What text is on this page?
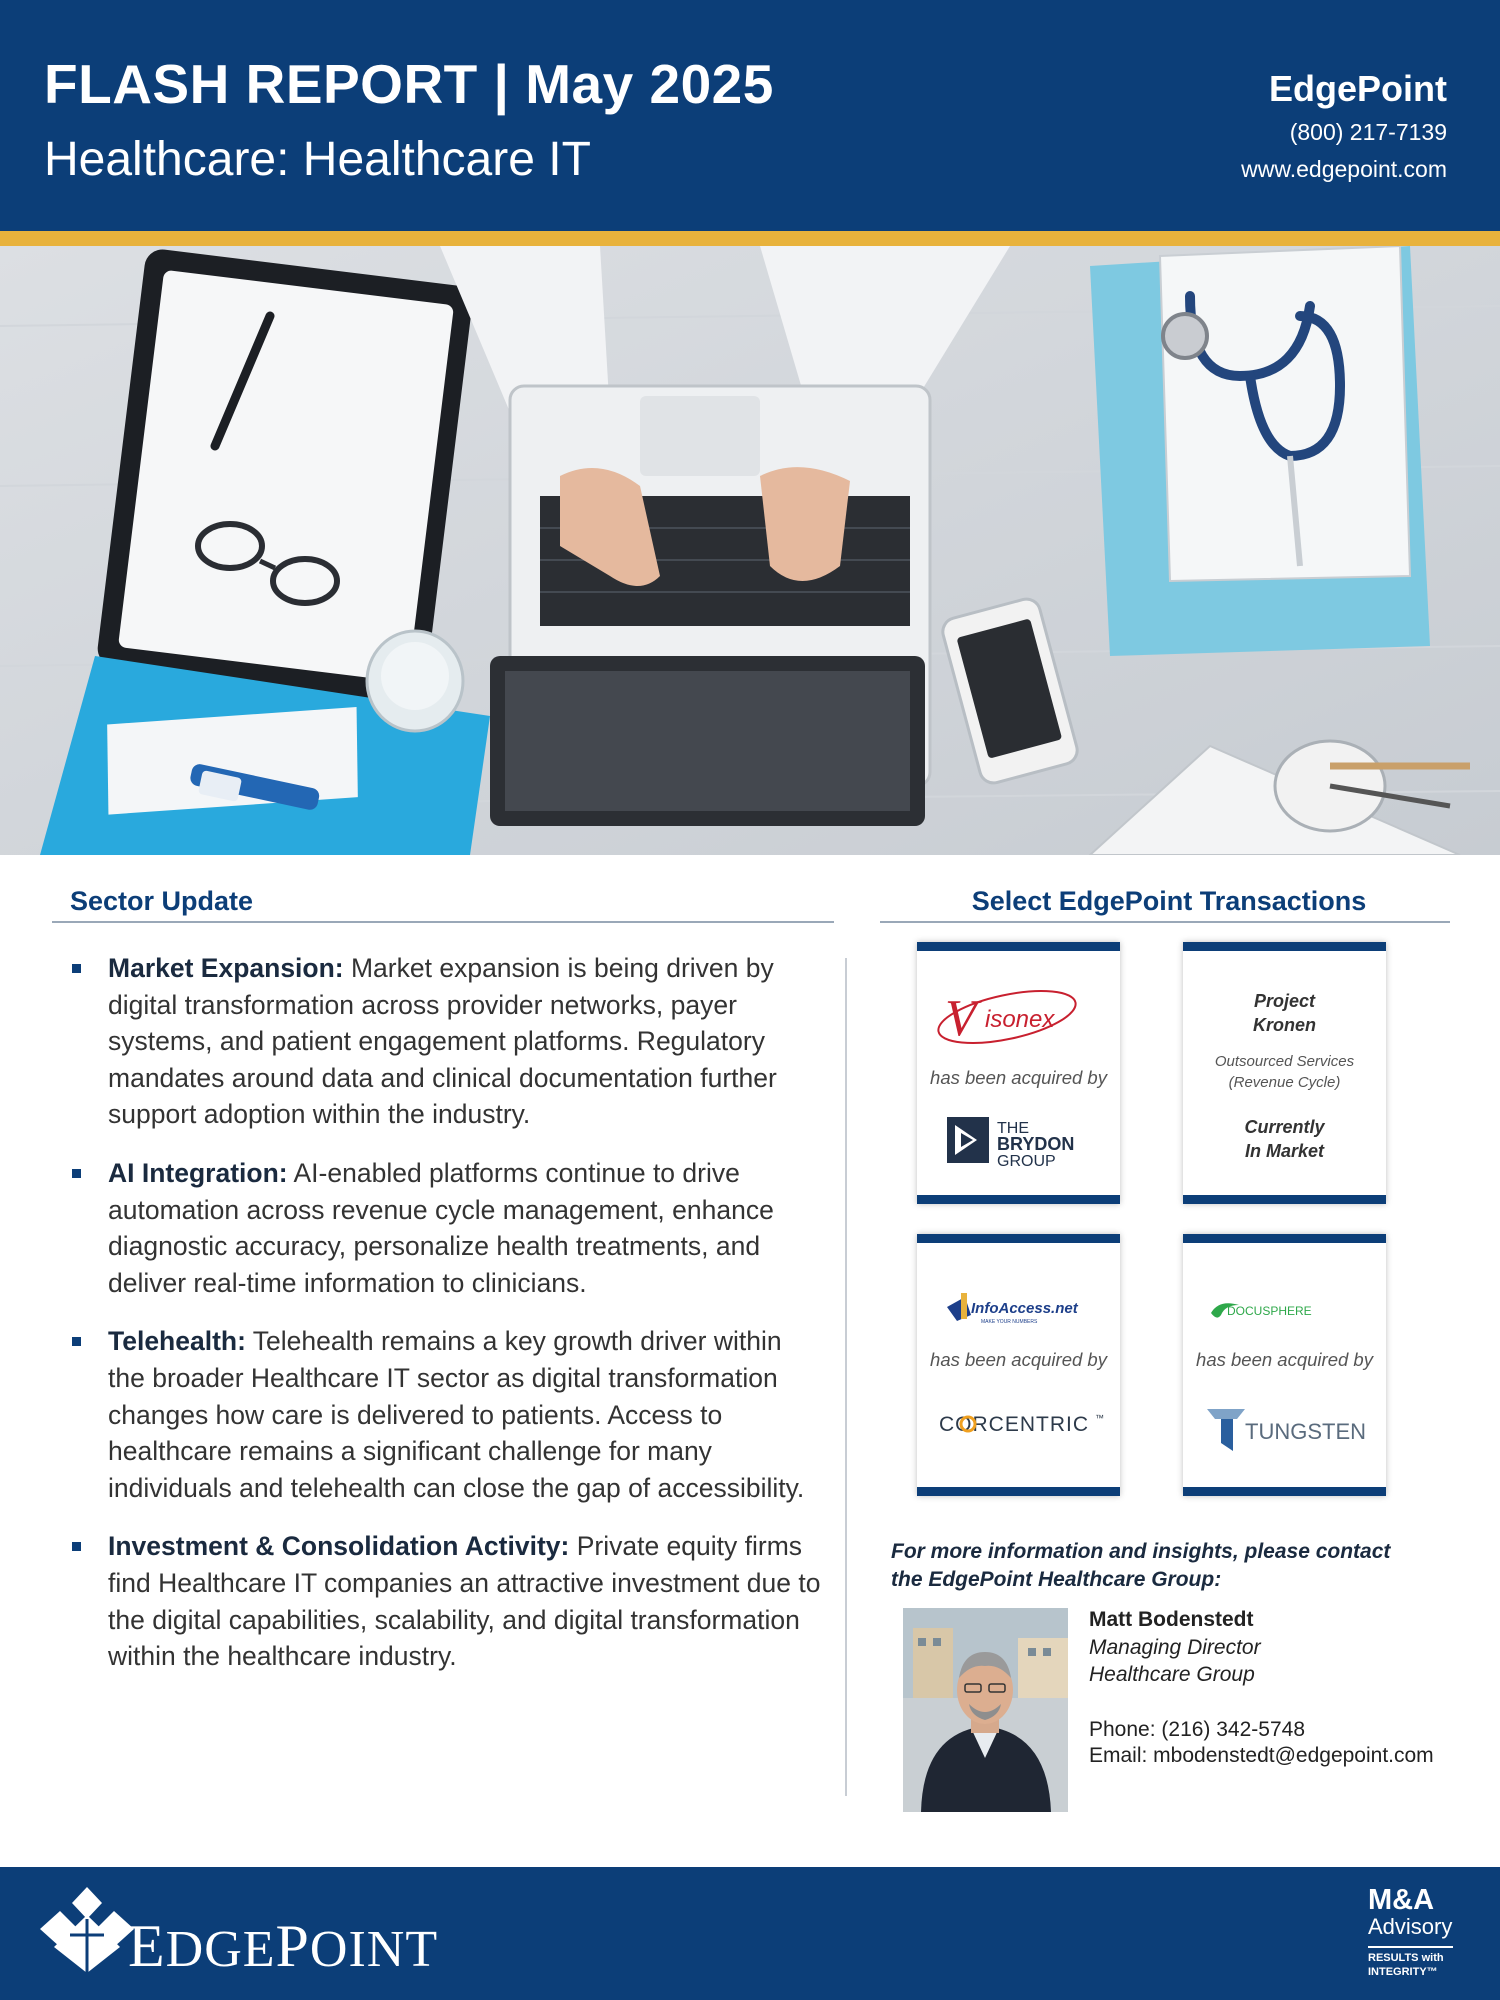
FLASH REPORT | May 2025
Healthcare: Healthcare IT
EdgePoint
(800) 217-7139
www.edgepoint.com
Sector Update
Market Expansion: Market expansion is being driven by digital transformation across provider networks, payer systems, and patient engagement platforms. Regulatory mandates around data and clinical documentation further support adoption within the industry.
AI Integration: AI-enabled platforms continue to drive automation across revenue cycle management, enhance diagnostic accuracy, personalize health treatments, and deliver real-time information to clinicians.
Telehealth: Telehealth remains a key growth driver within the broader Healthcare IT sector as digital transformation changes how care is delivered to patients. Access to healthcare remains a significant challenge for many individuals and telehealth can close the gap of accessibility.
Investment & Consolidation Activity: Private equity firms find Healthcare IT companies an attractive investment due to the digital capabilities, scalability, and digital transformation within the healthcare industry.
Select EdgePoint Transactions
V isonex
has been acquired by
THE
BRYDON
GROUP
Project
Kronen
Outsourced Services
(Revenue Cycle)
Currently
In Market
InfoAccess.net
MAKE YOUR NUMBERS
has been acquired by
CORCENTRIC ™
DOCUSPHERE
has been acquired by
TUNGSTEN
For more information and insights, please contact
the EdgePoint Healthcare Group:
Matt Bodenstedt
Managing Director
Healthcare Group
Phone: (216) 342-5748
Email: mbodenstedt@edgepoint.com
EDGEPOINT
M&A
Advisory
RESULTS with
INTEGRITY™
